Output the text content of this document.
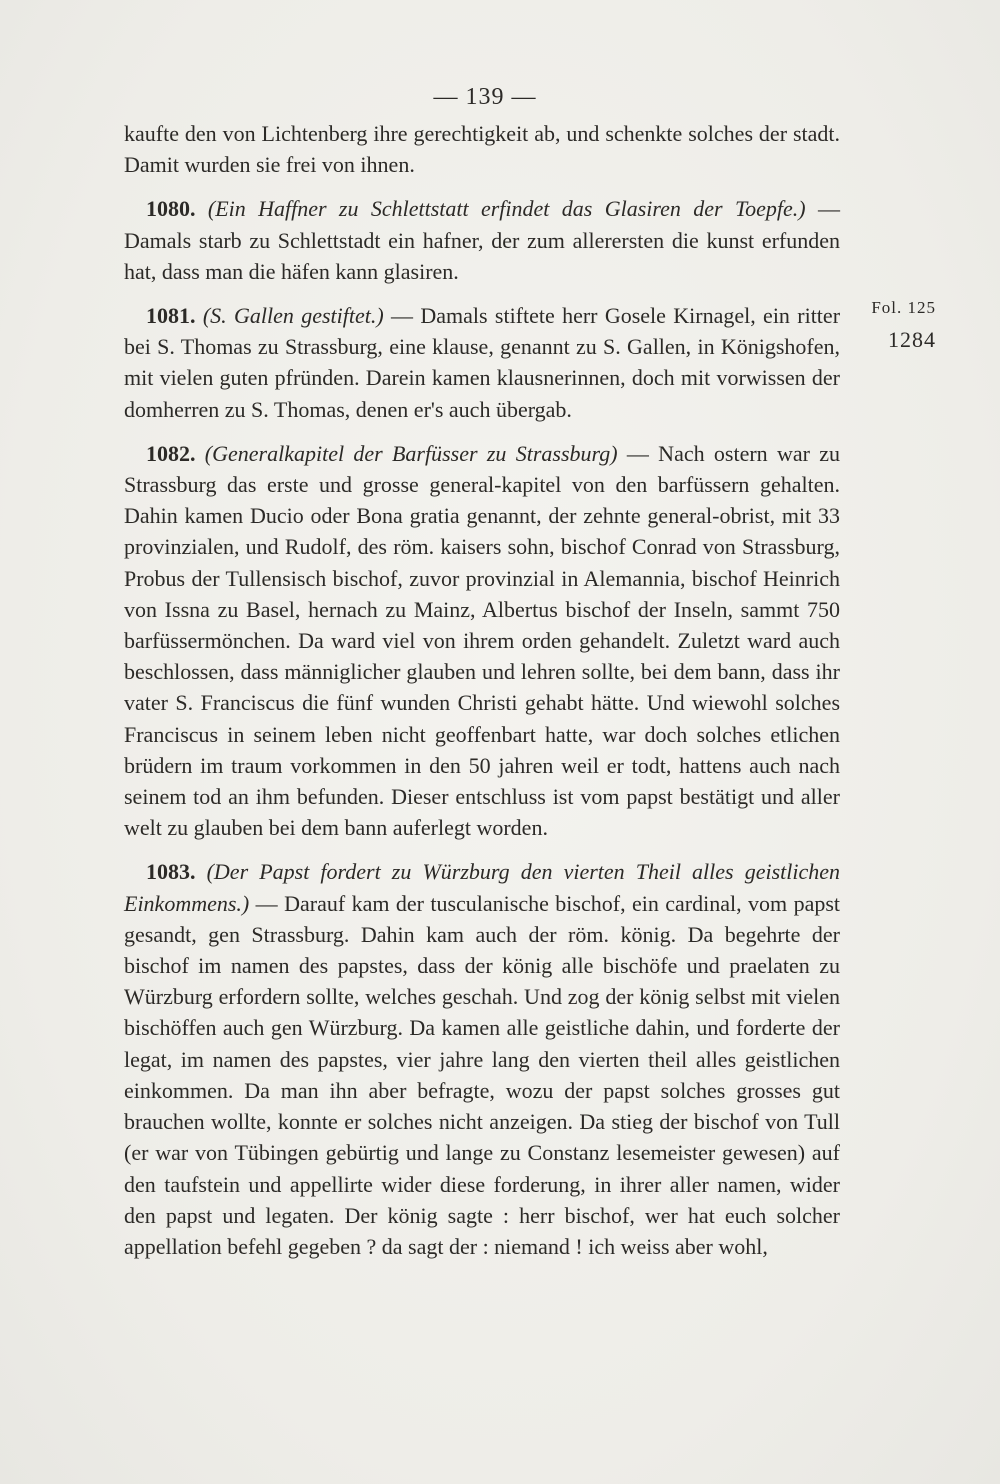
— 139 —

kaufte den von Lichtenberg ihre gerechtigkeit ab, und schenkte solches der stadt. Damit wurden sie frei von ihnen.

1080. (Ein Haffner zu Schlettstatt erfindet das Glasiren der Toepfe.) — Damals starb zu Schlettstadt ein hafner, der zum allerersten die kunst erfunden hat, dass man die häfen kann glasiren.

1081. (S. Gallen gestiftet.) — Damals stiftete herr Gosele Kirnagel, ein ritter bei S. Thomas zu Strassburg, eine klause, genannt zu S. Gallen, in Königshofen, mit vielen guten pfründen. Darein kamen klausnerinnen, doch mit vorwissen der domherren zu S. Thomas, denen er's auch übergab.

1082. (Generalkapitel der Barfüsser zu Strassburg) — Nach ostern war zu Strassburg das erste und grosse general-kapitel von den barfüssern gehalten. Dahin kamen Ducio oder Bona gratia genannt, der zehnte general-obrist, mit 33 provinzialen, und Rudolf, des röm. kaisers sohn, bischof Conrad von Strassburg, Probus der Tullensisch bischof, zuvor provinzial in Alemannia, bischof Heinrich von Issna zu Basel, hernach zu Mainz, Albertus bischof der Inseln, sammt 750 barfüssermönchen. Da ward viel von ihrem orden gehandelt. Zuletzt ward auch beschlossen, dass männiglicher glauben und lehren sollte, bei dem bann, dass ihr vater S. Franciscus die fünf wunden Christi gehabt hätte. Und wiewohl solches Franciscus in seinem leben nicht geoffenbart hatte, war doch solches etlichen brüdern im traum vorkommen in den 50 jahren weil er todt, hattens auch nach seinem tod an ihm befunden. Dieser entschluss ist vom papst bestätigt und aller welt zu glauben bei dem bann auferlegt worden.

1083. (Der Papst fordert zu Würzburg den vierten Theil alles geistlichen Einkommens.) — Darauf kam der tusculanische bischof, ein cardinal, vom papst gesandt, gen Strassburg. Dahin kam auch der röm. könig. Da begehrte der bischof im namen des papstes, dass der könig alle bischöfe und praelaten zu Würzburg erfordern sollte, welches geschah. Und zog der könig selbst mit vielen bischöffen auch gen Würzburg. Da kamen alle geistliche dahin, und forderte der legat, im namen des papstes, vier jahre lang den vierten theil alles geistlichen einkommen. Da man ihn aber befragte, wozu der papst solches grosses gut brauchen wollte, konnte er solches nicht anzeigen. Da stieg der bischof von Tull (er war von Tübingen gebürtig und lange zu Constanz lesemeister gewesen) auf den taufstein und appellirte wider diese forderung, in ihrer aller namen, wider den papst und legaten. Der könig sagte : herr bischof, wer hat euch solcher appellation befehl gegeben ? da sagt der : niemand ! ich weiss aber wohl,

Fol. 125
1284
